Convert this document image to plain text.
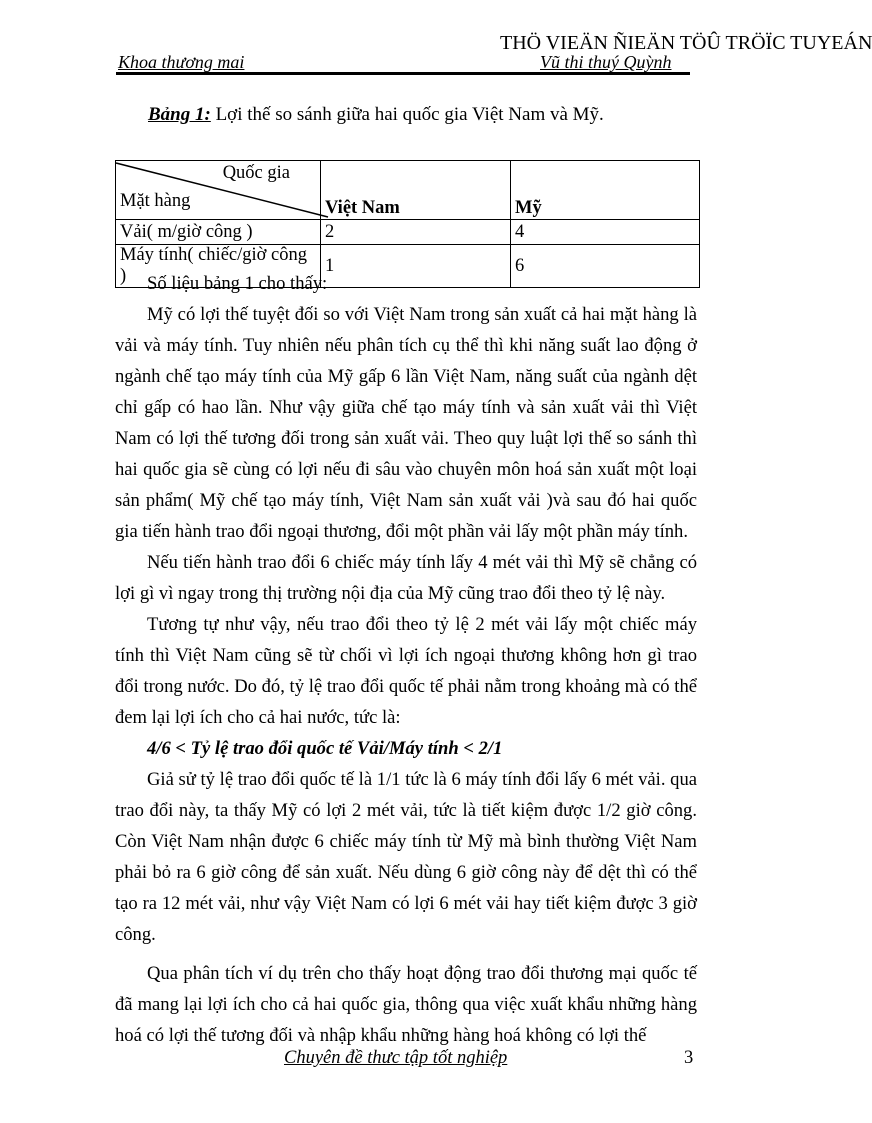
THÖ VIEÄN ÑIEÄN TÖÛ TRÖÏC TUYEÁN
Khoa thương mai	Vũ thi thuý Quỳnh
Bảng 1: Lợi thế so sánh giữa hai quốc gia Việt Nam và Mỹ.
Quốc gia
Mặt hàng	Việt Nam	Mỹ
Vải( m/giờ công )	2	4
Máy tính( chiếc/giờ công )	1	6

Số liệu bảng 1 cho thấy:

Mỹ có lợi thế tuyệt đối so với Việt Nam trong sản xuất cả hai mặt hàng là vải và máy tính. Tuy nhiên nếu phân tích cụ thể thì khi năng suất lao động ở ngành chế tạo máy tính của Mỹ gấp 6 lần Việt Nam, năng suất của ngành dệt chỉ gấp có hao lần. Như vậy giữa chế tạo máy tính và sản xuất vải thì Việt Nam có lợi thế tương đối trong sản xuất vải. Theo quy luật lợi thế so sánh thì hai quốc gia sẽ cùng có lợi nếu đi sâu vào chuyên môn hoá sản xuất một loại sản phẩm( Mỹ chế tạo máy tính, Việt Nam sản xuất vải )và sau đó hai quốc gia tiến hành trao đổi ngoại thương, đổi một phần vải lấy một phần máy tính.

Nếu tiến hành trao đổi 6 chiếc máy tính lấy 4 mét vải thì Mỹ sẽ chẳng có lợi gì vì ngay trong thị trường nội địa của Mỹ cũng trao đổi theo tỷ lệ này.

Tương tự như vậy, nếu trao đổi theo tỷ lệ 2 mét vải lấy một chiếc máy tính thì Việt Nam cũng sẽ từ chối vì lợi ích ngoại thương không hơn gì trao đổi trong nước. Do đó, tỷ lệ trao đổi quốc tế phải nằm trong khoảng mà có thể đem lại lợi ích cho cả hai nước, tức là:

4/6 < Tỷ lệ trao đổi quốc tế Vải/Máy tính < 2/1

Giả sử tỷ lệ trao đổi quốc tế là 1/1 tức là 6 máy tính đổi lấy 6 mét vải. qua trao đổi này, ta thấy Mỹ có lợi 2 mét vải, tức là tiết kiệm được 1/2 giờ công. Còn Việt Nam nhận được 6 chiếc máy tính từ Mỹ mà bình thường Việt Nam phải bỏ ra 6 giờ công để sản xuất. Nếu dùng 6 giờ công này để dệt thì có thể tạo ra 12 mét vải, như vậy Việt Nam có lợi 6 mét vải hay tiết kiệm được 3 giờ công.

Qua phân tích ví dụ trên cho thấy hoạt động trao đổi thương mại quốc tế đã mang lại lợi ích cho cả hai quốc gia, thông qua việc xuất khẩu những hàng hoá có lợi thế tương đối và nhập khẩu những hàng hoá không có lợi thế

Chuyên đề thưc tập tốt nghiệp	3
